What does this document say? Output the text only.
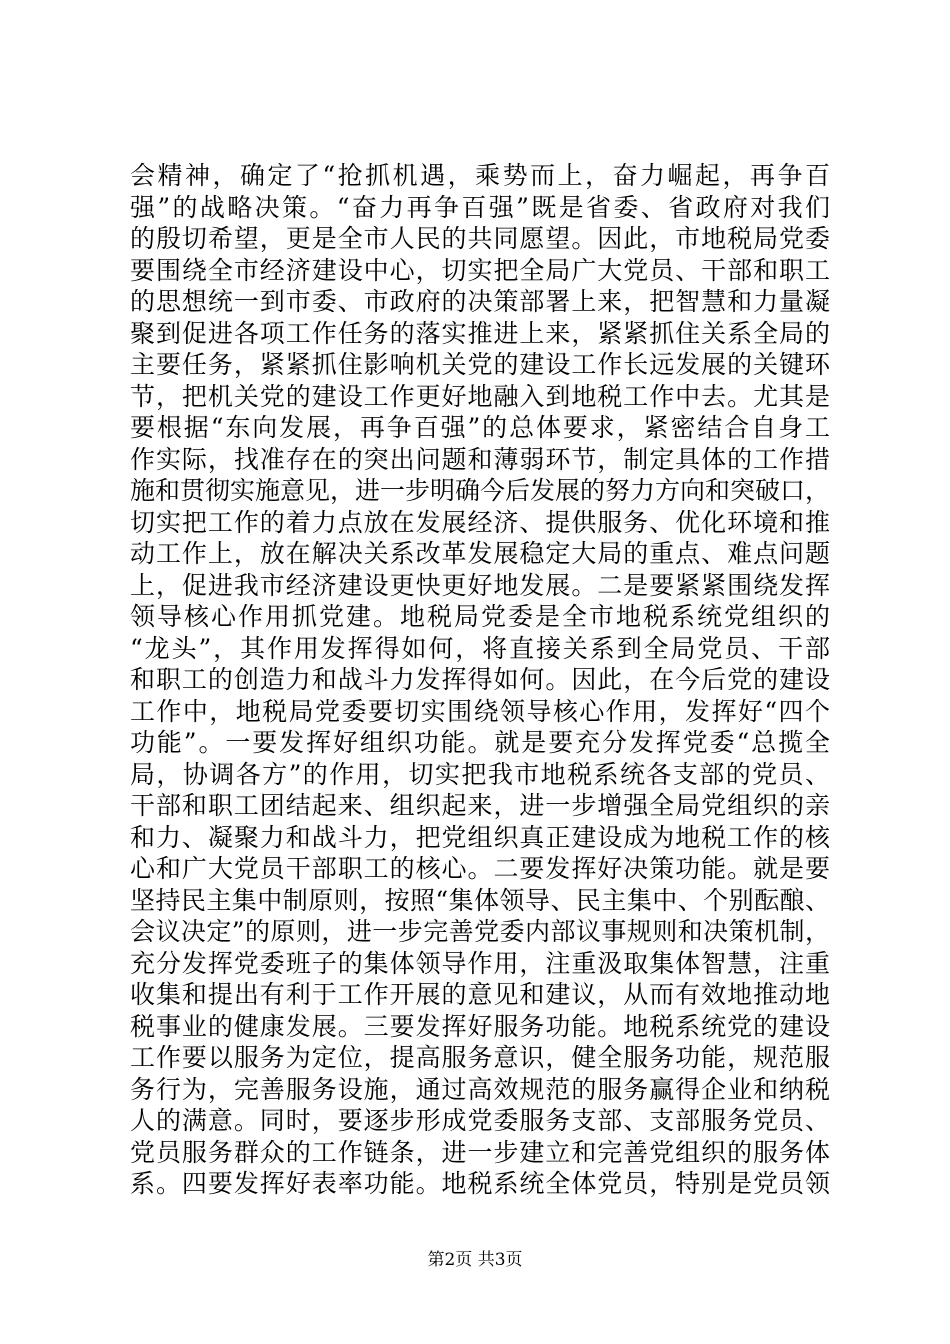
会精神，确定了“抢抓机遇，乘势而上，奋力崛起，再争百
强”的战略决策。“奋力再争百强”既是省委、省政府对我们
的殷切希望，更是全市人民的共同愿望。因此，市地税局党委
要围绕全市经济建设中心，切实把全局广大党员、干部和职工
的思想统一到市委、市政府的决策部署上来，把智慧和力量凝
聚到促进各项工作任务的落实推进上来，紧紧抓住关系全局的
主要任务，紧紧抓住影响机关党的建设工作长远发展的关键环
节，把机关党的建设工作更好地融入到地税工作中去。尤其是
要根据“东向发展，再争百强”的总体要求，紧密结合自身工
作实际，找准存在的突出问题和薄弱环节，制定具体的工作措
施和贯彻实施意见，进一步明确今后发展的努力方向和突破口，
切实把工作的着力点放在发展经济、提供服务、优化环境和推
动工作上，放在解决关系改革发展稳定大局的重点、难点问题
上，促进我市经济建设更快更好地发展。二是要紧紧围绕发挥
领导核心作用抓党建。地税局党委是全市地税系统党组织的
“龙头”，其作用发挥得如何，将直接关系到全局党员、干部
和职工的创造力和战斗力发挥得如何。因此，在今后党的建设
工作中，地税局党委要切实围绕领导核心作用，发挥好“四个
功能”。一要发挥好组织功能。就是要充分发挥党委“总揽全
局，协调各方”的作用，切实把我市地税系统各支部的党员、
干部和职工团结起来、组织起来，进一步增强全局党组织的亲
和力、凝聚力和战斗力，把党组织真正建设成为地税工作的核
心和广大党员干部职工的核心。二要发挥好决策功能。就是要
坚持民主集中制原则，按照“集体领导、民主集中、个别酝酿、
会议决定”的原则，进一步完善党委内部议事规则和决策机制，
充分发挥党委班子的集体领导作用，注重汲取集体智慧，注重
收集和提出有利于工作开展的意见和建议，从而有效地推动地
税事业的健康发展。三要发挥好服务功能。地税系统党的建设
工作要以服务为定位，提高服务意识，健全服务功能，规范服
务行为，完善服务设施，通过高效规范的服务赢得企业和纳税
人的满意。同时，要逐步形成党委服务支部、支部服务党员、
党员服务群众的工作链条，进一步建立和完善党组织的服务体
系。四要发挥好表率功能。地税系统全体党员，特别是党员领
第2页 共3页
